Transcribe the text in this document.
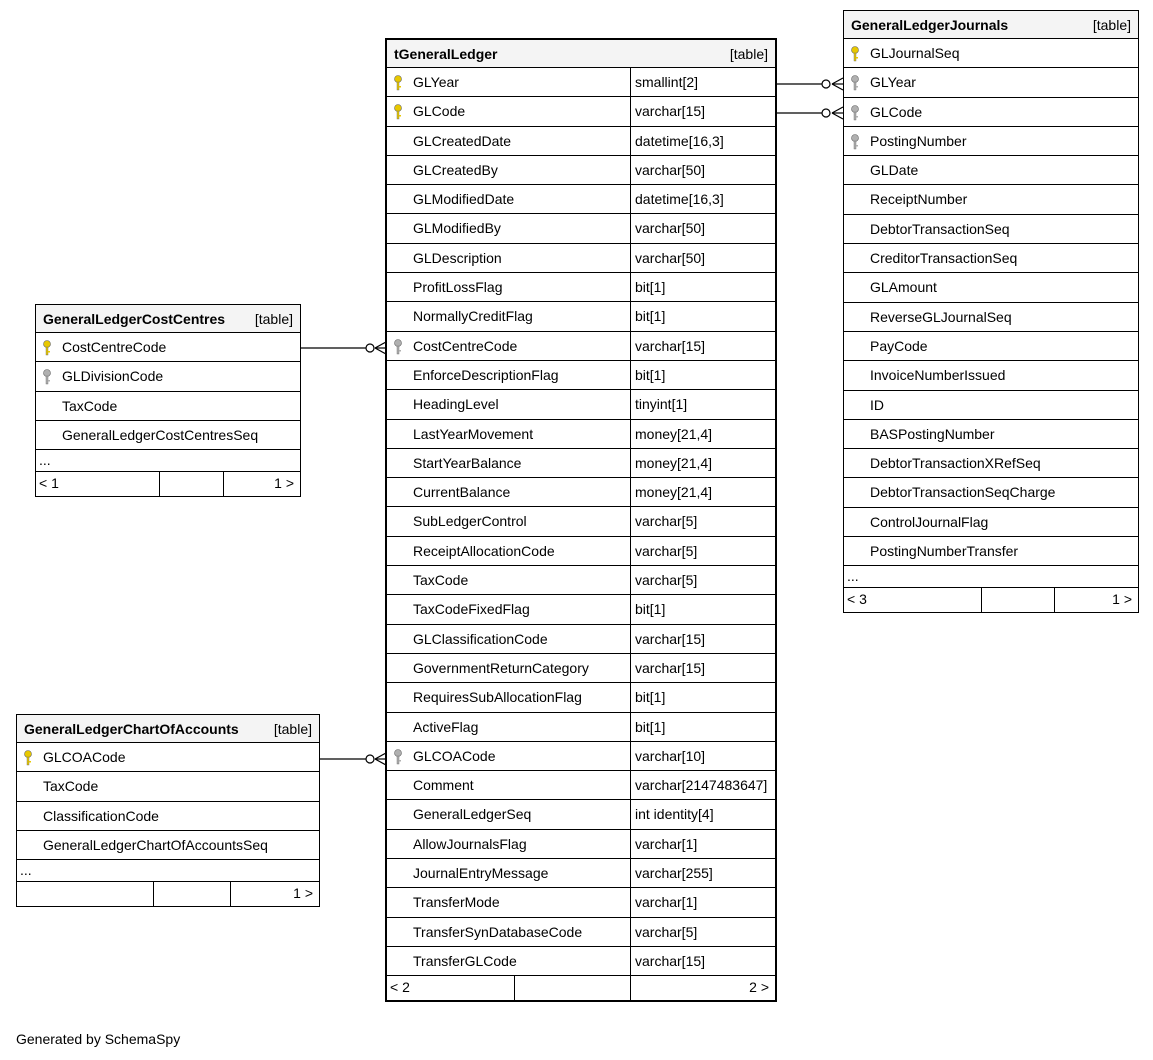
tGeneralLedger	[table]
GLYear	smallint[2]
GLCode	varchar[15]
GLCreatedDate	datetime[16,3]
GLCreatedBy	varchar[50]
GLModifiedDate	datetime[16,3]
GLModifiedBy	varchar[50]
GLDescription	varchar[50]
ProfitLossFlag	bit[1]
NormallyCreditFlag	bit[1]
CostCentreCode	varchar[15]
EnforceDescriptionFlag	bit[1]
HeadingLevel	tinyint[1]
LastYearMovement	money[21,4]
StartYearBalance	money[21,4]
CurrentBalance	money[21,4]
SubLedgerControl	varchar[5]
ReceiptAllocationCode	varchar[5]
TaxCode	varchar[5]
TaxCodeFixedFlag	bit[1]
GLClassificationCode	varchar[15]
GovernmentReturnCategory	varchar[15]
RequiresSubAllocationFlag	bit[1]
ActiveFlag	bit[1]
GLCOACode	varchar[10]
Comment	varchar[2147483647]
GeneralLedgerSeq	int identity[4]
AllowJournalsFlag	varchar[1]
JournalEntryMessage	varchar[255]
TransferMode	varchar[1]
TransferSynDatabaseCode	varchar[5]
TransferGLCode	varchar[15]
< 2	2 >
GeneralLedgerJournals	[table]
GLJournalSeq
GLYear
GLCode
PostingNumber
GLDate
ReceiptNumber
DebtorTransactionSeq
CreditorTransactionSeq
GLAmount
ReverseGLJournalSeq
PayCode
InvoiceNumberIssued
ID
BASPostingNumber
DebtorTransactionXRefSeq
DebtorTransactionSeqCharge
ControlJournalFlag
PostingNumberTransfer
...
< 3	1 >
GeneralLedgerCostCentres [table]
CostCentreCode
GLDivisionCode
TaxCode
GeneralLedgerCostCentresSeq
...
< 1	1 >
GeneralLedgerChartOfAccounts	[table]
GLCOACode
TaxCode
ClassificationCode
GeneralLedgerChartOfAccountsSeq
...
1 >
Generated by SchemaSpy
